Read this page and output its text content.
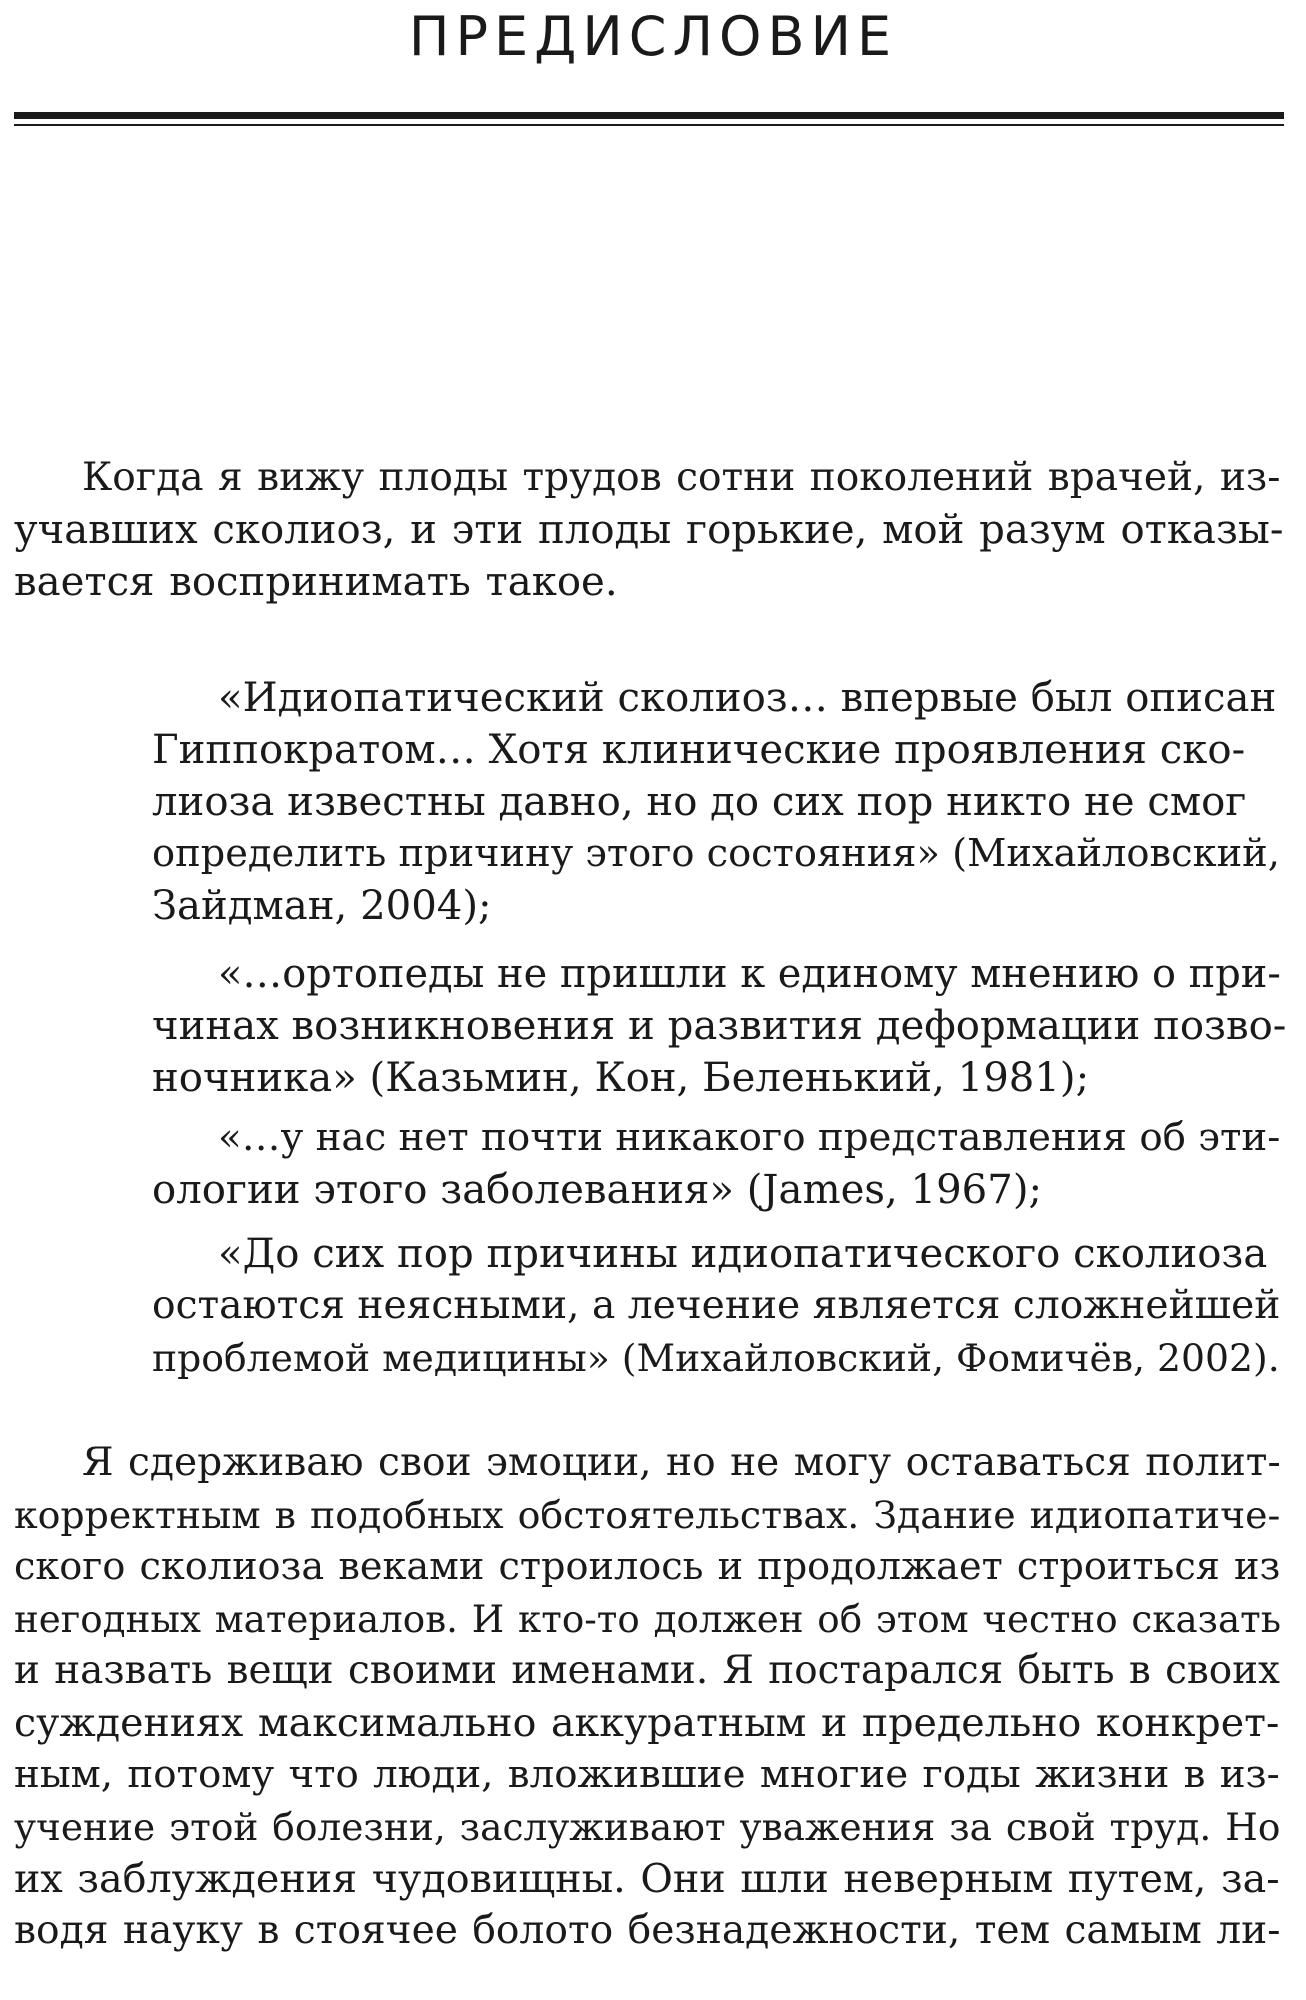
ПРЕДИСЛОВИЕ
Когда я вижу плоды трудов сотни поколений врачей, из-
учавших сколиоз, и эти плоды горькие, мой разум отказы-
вается воспринимать такое.
«Идиопатический сколиоз… впервые был описан
Гиппократом… Хотя клинические проявления ско-
лиоза известны давно, но до сих пор никто не смог
определить причину этого состояния» (Михайловский,
Зайдман, 2004);
«…ортопеды не пришли к единому мнению о при-
чинах возникновения и развития деформации позво-
ночника» (Казьмин, Кон, Беленький, 1981);
«…у нас нет почти никакого представления об эти-
ологии этого заболевания» (James, 1967);
«До сих пор причины идиопатического сколиоза
остаются неясными, а лечение является сложнейшей
проблемой медицины» (Михайловский, Фомичёв, 2002).
Я сдерживаю свои эмоции, но не могу оставаться полит-
корректным в подобных обстоятельствах. Здание идиопатиче-
ского сколиоза веками строилось и продолжает строиться из
негодных материалов. И кто-то должен об этом честно сказать
и назвать вещи своими именами. Я постарался быть в своих
суждениях максимально аккуратным и предельно конкрет-
ным, потому что люди, вложившие многие годы жизни в из-
учение этой болезни, заслуживают уважения за свой труд. Но
их заблуждения чудовищны. Они шли неверным путем, за-
водя науку в стоячее болото безнадежности, тем самым ли-
